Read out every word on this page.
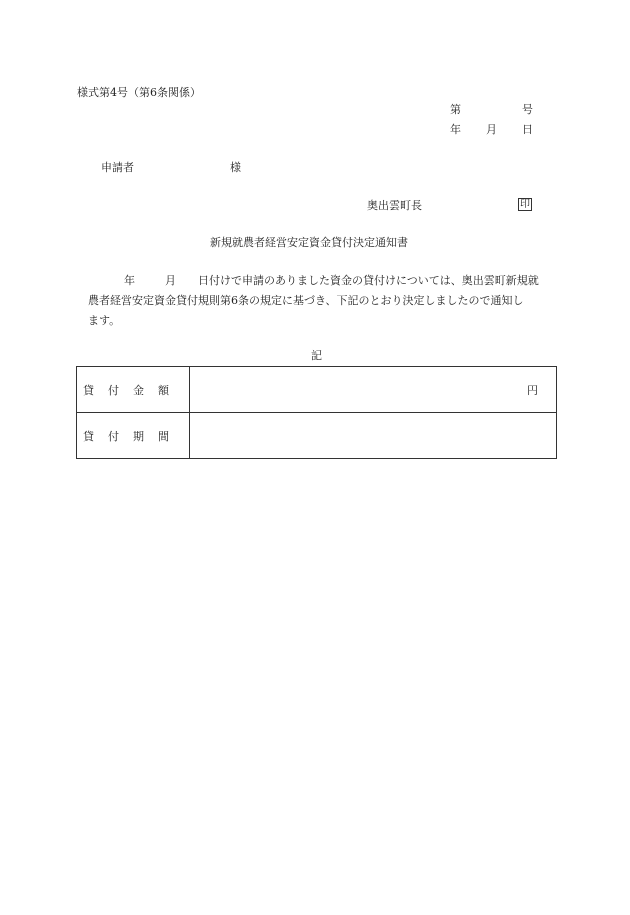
様式第4号（第6条関係）
第	号
年 月 日
申請者	様
奥出雲町長	印
新規就農者経営安定資金貸付決定通知書
年	月 日付けで申請のありました資金の貸付けについては、奥出雲町新規就
農者経営安定資金貸付規則第6条の規定に基づき、下記のとおり決定しましたので通知し
ます。
記
貸付金額	円
貸付期間	
